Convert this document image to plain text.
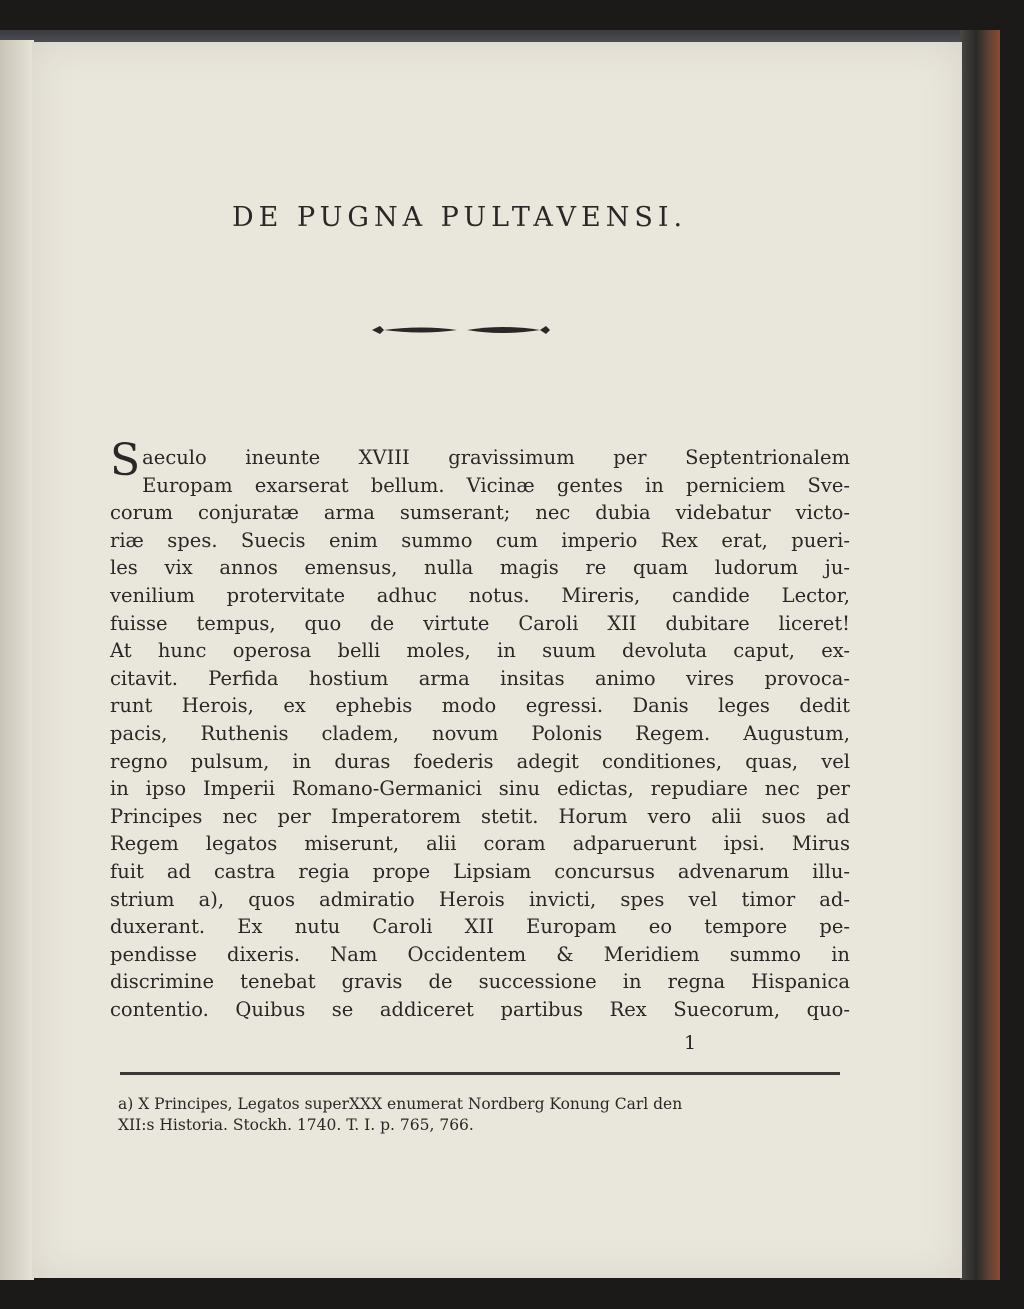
DE PUGNA PULTAVENSI.
Saeculo ineunte XVIII gravissimum per Septentrionalem
Europam exarserat bellum. Vicinæ gentes in perniciem Sve-
corum conjuratæ arma sumserant; nec dubia videbatur victo-
riæ spes. Suecis enim summo cum imperio Rex erat, pueri-
les vix annos emensus, nulla magis re quam ludorum ju-
venilium protervitate adhuc notus. Mireris, candide Lector,
fuisse tempus, quo de virtute Caroli XII dubitare liceret!
At hunc operosa belli moles, in suum devoluta caput, ex-
citavit. Perfida hostium arma insitas animo vires provoca-
runt Herois, ex ephebis modo egressi. Danis leges dedit
pacis, Ruthenis cladem, novum Polonis Regem. Augustum,
regno pulsum, in duras foederis adegit conditiones, quas, vel
in ipso Imperii Romano-Germanici sinu edictas, repudiare nec per
Principes nec per Imperatorem stetit. Horum vero alii suos ad
Regem legatos miserunt, alii coram adparuerunt ipsi. Mirus
fuit ad castra regia prope Lipsiam concursus advenarum illu-
strium a), quos admiratio Herois invicti, spes vel timor ad-
duxerant. Ex nutu Caroli XII Europam eo tempore pe-
pendisse dixeris. Nam Occidentem & Meridiem summo in
discrimine tenebat gravis de successione in regna Hispanica
contentio. Quibus se addiceret partibus Rex Suecorum, quo-
1
a) X Principes, Legatos superXXX enumerat Nordberg Konung Carl den
XII:s Historia. Stockh. 1740. T. I. p. 765, 766.
